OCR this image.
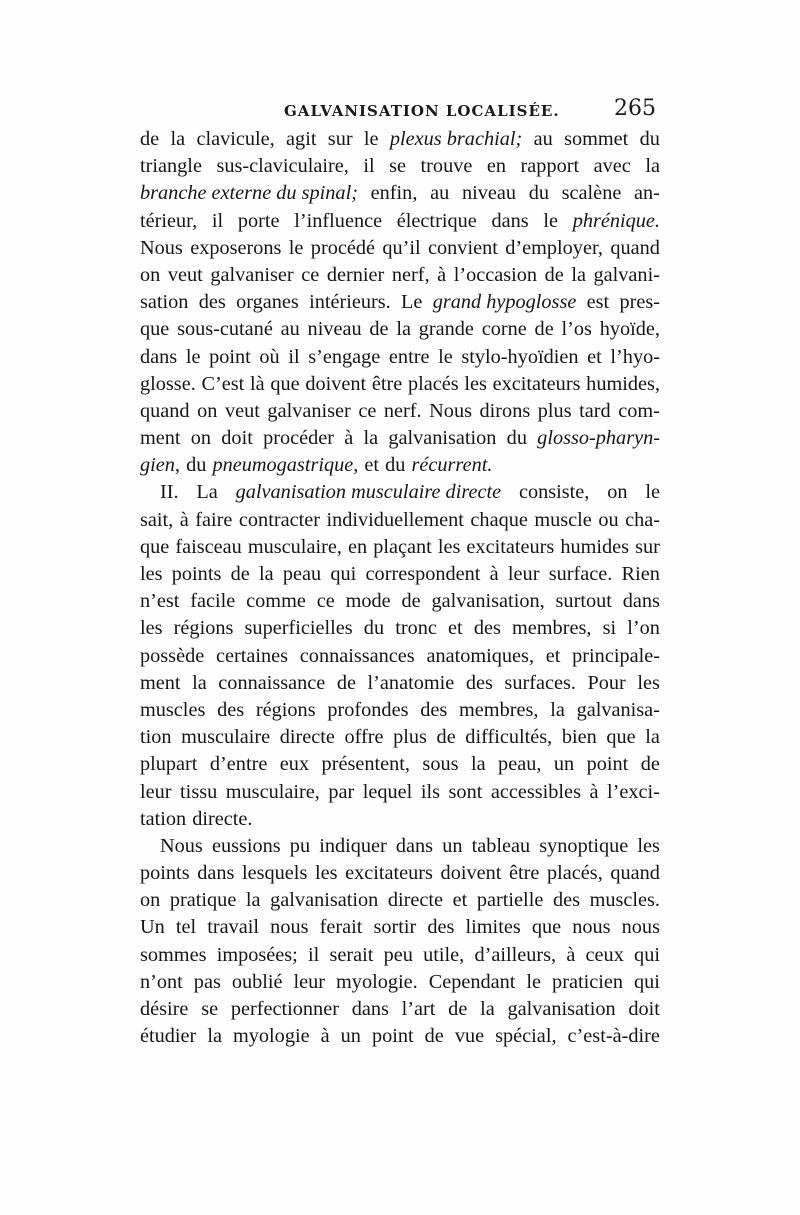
GALVANISATION LOCALISÉE. 265
de la clavicule, agit sur le plexus brachial; au sommet du
triangle sus-claviculaire, il se trouve en rapport avec la
branche externe du spinal; enfin, au niveau du scalène an-
térieur, il porte l’influence électrique dans le phrénique.
Nous exposerons le procédé qu’il convient d’employer, quand
on veut galvaniser ce dernier nerf, à l’occasion de la galvani-
sation des organes intérieurs. Le grand hypoglosse est pres-
que sous-cutané au niveau de la grande corne de l’os hyoïde,
dans le point où il s’engage entre le stylo-hyoïdien et l’hyo-
glosse. C’est là que doivent être placés les excitateurs humides,
quand on veut galvaniser ce nerf. Nous dirons plus tard com-
ment on doit procéder à la galvanisation du glosso-pharyn-
gien, du pneumogastrique, et du récurrent.
II. La galvanisation musculaire directe consiste, on le
sait, à faire contracter individuellement chaque muscle ou cha-
que faisceau musculaire, en plaçant les excitateurs humides sur
les points de la peau qui correspondent à leur surface. Rien
n’est facile comme ce mode de galvanisation, surtout dans
les régions superficielles du tronc et des membres, si l’on
possède certaines connaissances anatomiques, et principale-
ment la connaissance de l’anatomie des surfaces. Pour les
muscles des régions profondes des membres, la galvanisa-
tion musculaire directe offre plus de difficultés, bien que la
plupart d’entre eux présentent, sous la peau, un point de
leur tissu musculaire, par lequel ils sont accessibles à l’exci-
tation directe.
Nous eussions pu indiquer dans un tableau synoptique les
points dans lesquels les excitateurs doivent être placés, quand
on pratique la galvanisation directe et partielle des muscles.
Un tel travail nous ferait sortir des limites que nous nous
sommes imposées; il serait peu utile, d’ailleurs, à ceux qui
n’ont pas oublié leur myologie. Cependant le praticien qui
désire se perfectionner dans l’art de la galvanisation doit
étudier la myologie à un point de vue spécial, c’est-à-dire
